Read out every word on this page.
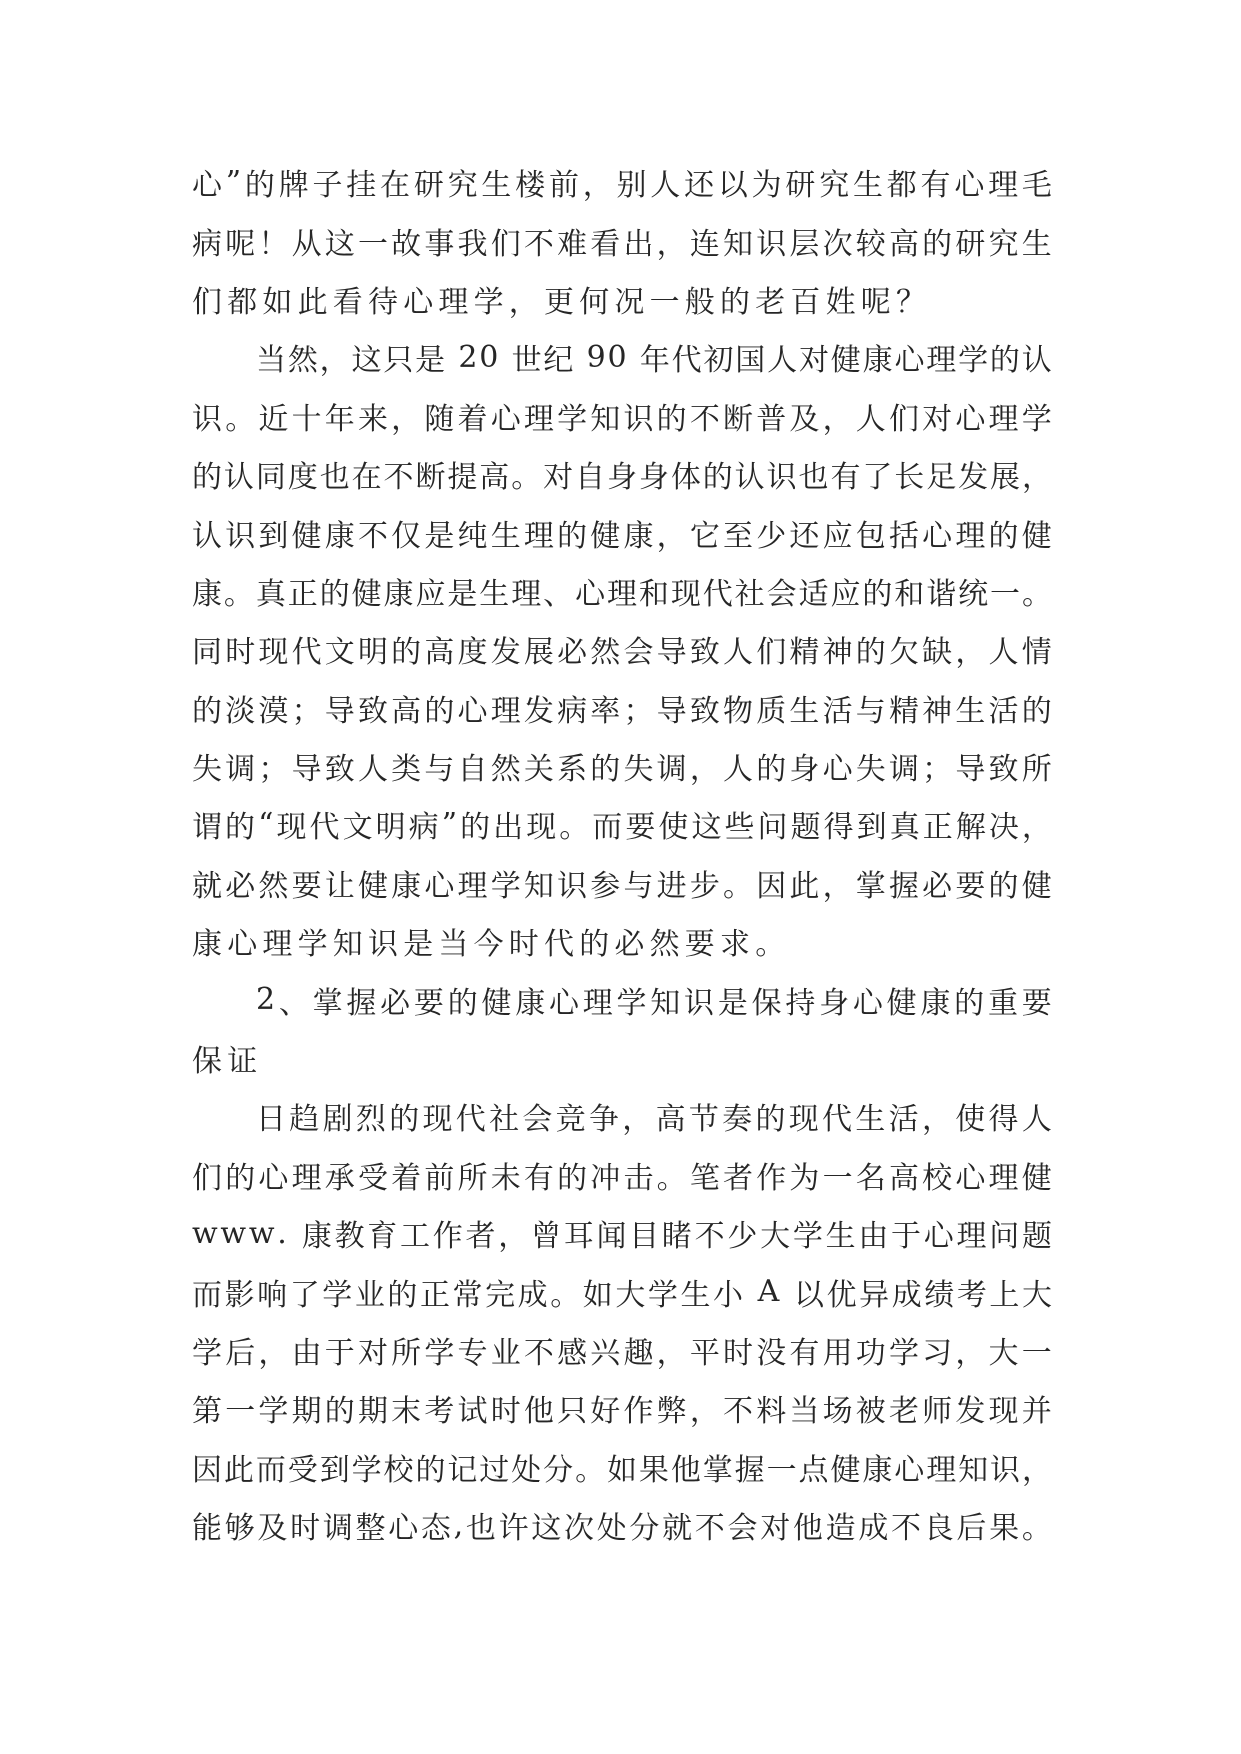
心 ” 的 牌 子 挂 在 研 究 生 楼 前 ， 别 人 还 以 为 研 究 生 都 有 心 理 毛
病 呢 ！ 从 这 一 故 事 我 们 不 难 看 出 ， 连 知 识 层 次 较 高 的 研 究 生
们都如此看待心理学，更何况一般的老百姓呢？
当 然 ， 这 只 是
2 0
世 纪
9 0
年 代 初 国 人 对 健 康 心 理 学 的 认
识 。 近 十 年 来 ， 随 着 心 理 学 知 识 的 不 断 普 及 ， 人 们 对 心 理 学
的 认 同 度 也 在 不 断 提 高 。 对 自 身 身 体 的 认 识 也 有 了 长 足 发 展 ，
认 识 到 健 康 不 仅 是 纯 生 理 的 健 康 ， 它 至 少 还 应 包 括 心 理 的 健
康 。 真 正 的 健 康 应 是 生 理 、 心 理 和 现 代 社 会 适 应 的 和 谐 统 一 。
同 时 现 代 文 明 的 高 度 发 展 必 然 会 导 致 人 们 精 神 的 欠 缺 ， 人 情
的 淡 漠 ； 导 致 高 的 心 理 发 病 率 ； 导 致 物 质 生 活 与 精 神 生 活 的
失 调 ； 导 致 人 类 与 自 然 关 系 的 失 调 ， 人 的 身 心 失 调 ； 导 致 所
谓 的 “ 现 代 文 明 病 ” 的 出 现 。 而 要 使 这 些 问 题 得 到 真 正 解 决 ，
就 必 然 要 让 健 康 心 理 学 知 识 参 与 进 步 。 因 此 ， 掌 握 必 要 的 健
康心理学知识是当今时代的必然要求。
2 、 掌 握 必 要 的 健 康 心 理 学 知 识 是 保 持 身 心 健 康 的 重 要
保证
日 趋 剧 烈 的 现 代 社 会 竞 争 ， 高 节 奏 的 现 代 生 活 ， 使 得 人
们 的 心 理 承 受 着 前 所 未 有 的 冲 击 。 笔 者 作 为 一 名 高 校 心 理 健
w w w .
康 教 育 工 作 者 ， 曾 耳 闻 目 睹 不 少 大 学 生 由 于 心 理 问 题
而 影 响 了 学 业 的 正 常 完 成 。 如 大 学 生 小
A
以 优 异 成 绩 考 上 大
学 后 ， 由 于 对 所 学 专 业 不 感 兴 趣 ， 平 时 没 有 用 功 学 习 ， 大 一
第 一 学 期 的 期 末 考 试 时 他 只 好 作 弊 ， 不 料 当 场 被 老 师 发 现 并
因 此 而 受 到 学 校 的 记 过 处 分 。 如 果 他 掌 握 一 点 健 康 心 理 知 识 ，
能 够 及 时 调 整 心 态 , 也 许 这 次 处 分 就 不 会 对 他 造 成 不 良 后 果 。
